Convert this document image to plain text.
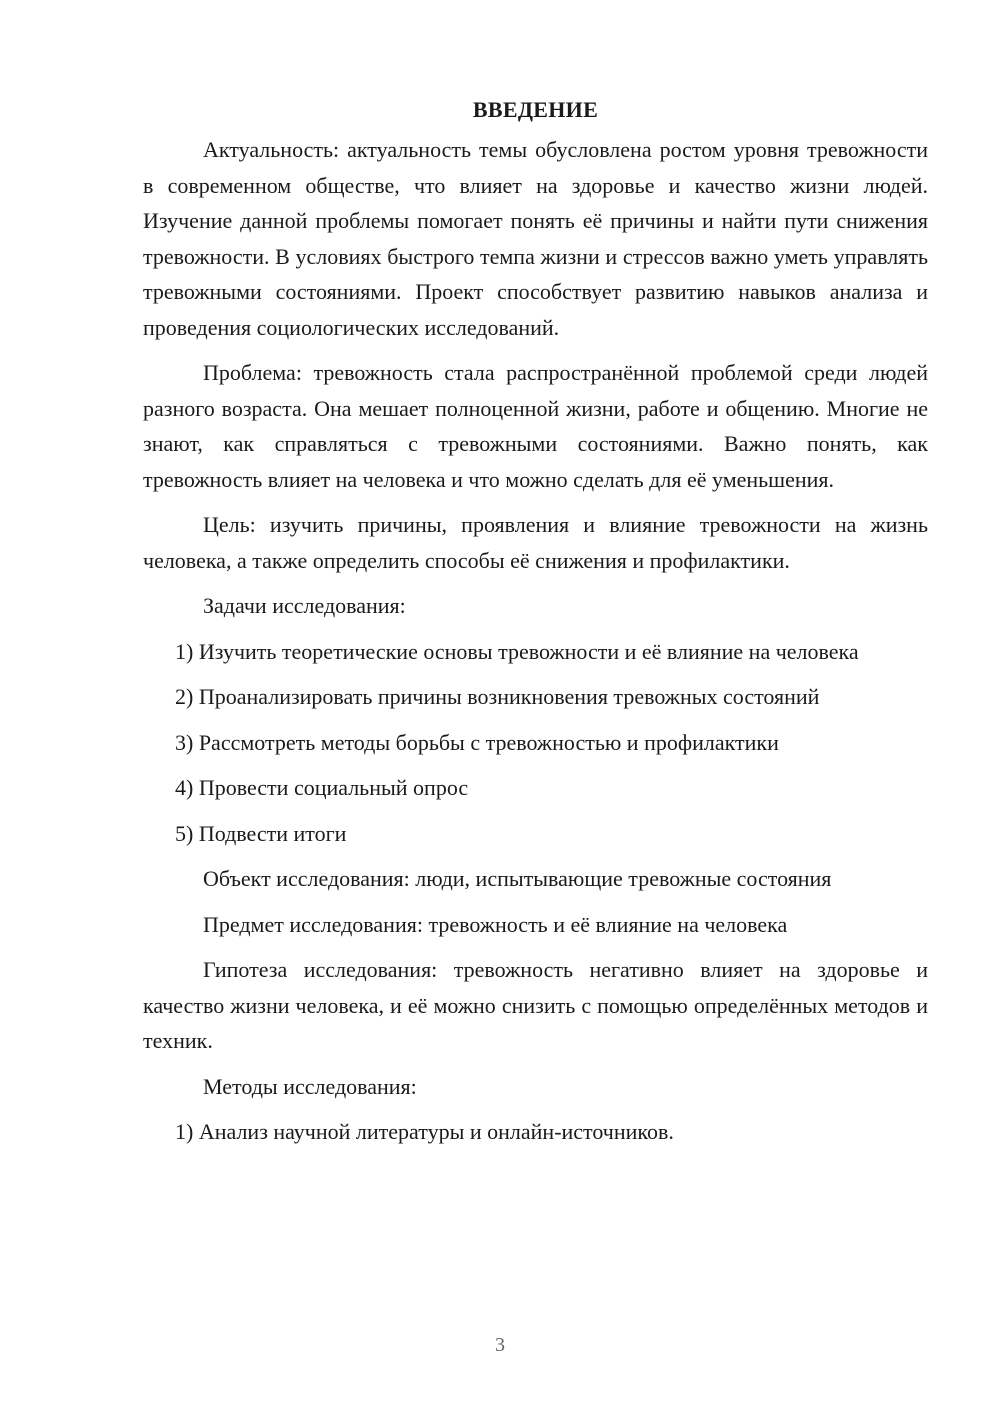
ВВЕДЕНИЕ

Актуальность: актуальность темы обусловлена ростом уровня тревожности в современном обществе, что влияет на здоровье и качество жизни людей. Изучение данной проблемы помогает понять её причины и найти пути снижения тревожности. В условиях быстрого темпа жизни и стрессов важно уметь управлять тревожными состояниями. Проект способствует развитию навыков анализа и проведения социологических исследований.

Проблема: тревожность стала распространённой проблемой среди людей разного возраста. Она мешает полноценной жизни, работе и общению. Многие не знают, как справляться с тревожными состояниями. Важно понять, как тревожность влияет на человека и что можно сделать для её уменьшения.

Цель: изучить причины, проявления и влияние тревожности на жизнь человека, а также определить способы её снижения и профилактики.

Задачи исследования:

1) Изучить теоретические основы тревожности и её влияние на человека
2) Проанализировать причины возникновения тревожных состояний
3) Рассмотреть методы борьбы с тревожностью и профилактики
4) Провести социальный опрос
5) Подвести итоги

Объект исследования: люди, испытывающие тревожные состояния

Предмет исследования: тревожность и её влияние на человека

Гипотеза исследования: тревожность негативно влияет на здоровье и качество жизни человека, и её можно снизить с помощью определённых методов и техник.

Методы исследования:

1) Анализ научной литературы и онлайн-источников.
3
